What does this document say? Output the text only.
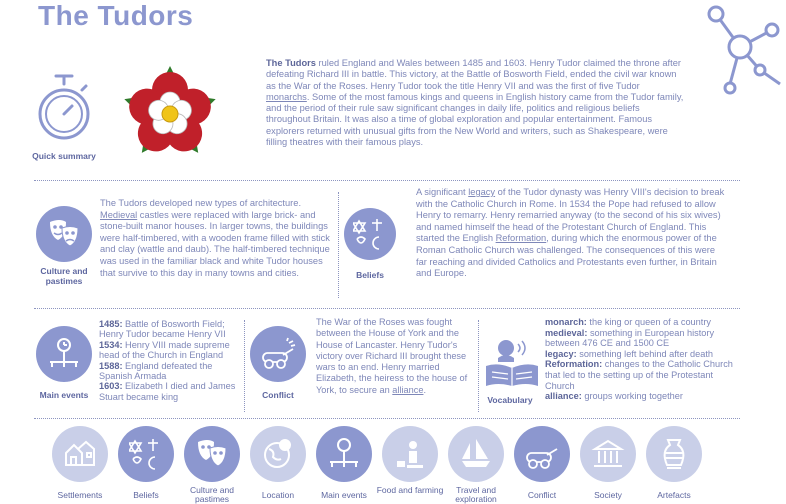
The Tudors
Quick summary
The Tudors ruled England and Wales between 1485 and 1603. Henry Tudor claimed the throne after defeating Richard III in battle. This victory, at the Battle of Bosworth Field, ended the civil war known as the War of the Roses. Henry Tudor took the title Henry VII and was the first of five Tudor monarchs. Some of the most famous kings and queens in English history came from the Tudor family, and the period of their rule saw significant changes in daily life, politics and religious beliefs throughout Britain. It was also a time of global exploration and popular entertainment. Famous explorers returned with unusual gifts from the New World and writers, such as Shakespeare, were filling theatres with their famous plays.
Culture and
pastimes
The Tudors developed new types of architecture. Medieval castles were replaced with large brick- and stone-built manor houses. In larger towns, the buildings were half-timbered, with a wooden frame filled with stick and clay (wattle and daub). The half-timbered technique was used in the familiar black and white Tudor houses that survive to this day in many towns and cities.	Beliefs
A significant legacy of the Tudor dynasty was Henry VIII's decision to break with the Catholic Church in Rome. In 1534 the Pope had refused to allow Henry to remarry. Henry remarried anyway (to the second of his six wives) and named himself the head of the Protestant Church of England. This started the English Reformation, during which the enormous power of the Roman Catholic Church was challenged. The consequences of this were far reaching and divided Catholics and Protestants even further, in Britain and Europe.
Main events
1485: Battle of Bosworth Field; Henry Tudor became Henry VII
1534: Henry VIII made supreme head of the Church in England
1588: England defeated the Spanish Armada
1603: Elizabeth I died and James Stuart became king	Conflict
The War of the Roses was fought between the House of York and the House of Lancaster. Henry Tudor's victory over Richard III brought these wars to an end. Henry married Elizabeth, the heiress to the house of York, to secure an alliance.
Vocabulary
monarch: the king or queen of a country
medieval: something in European history between 476 CE and 1500 CE
legacy: something left behind after death
Reformation: changes to the Catholic Church that led to the setting up of the Protestant Church
alliance: groups working together
Settlements	Beliefs	Culture and pastimes	Location	Main events	Food and farming	Travel and exploration	Conflict	Society	Artefacts
